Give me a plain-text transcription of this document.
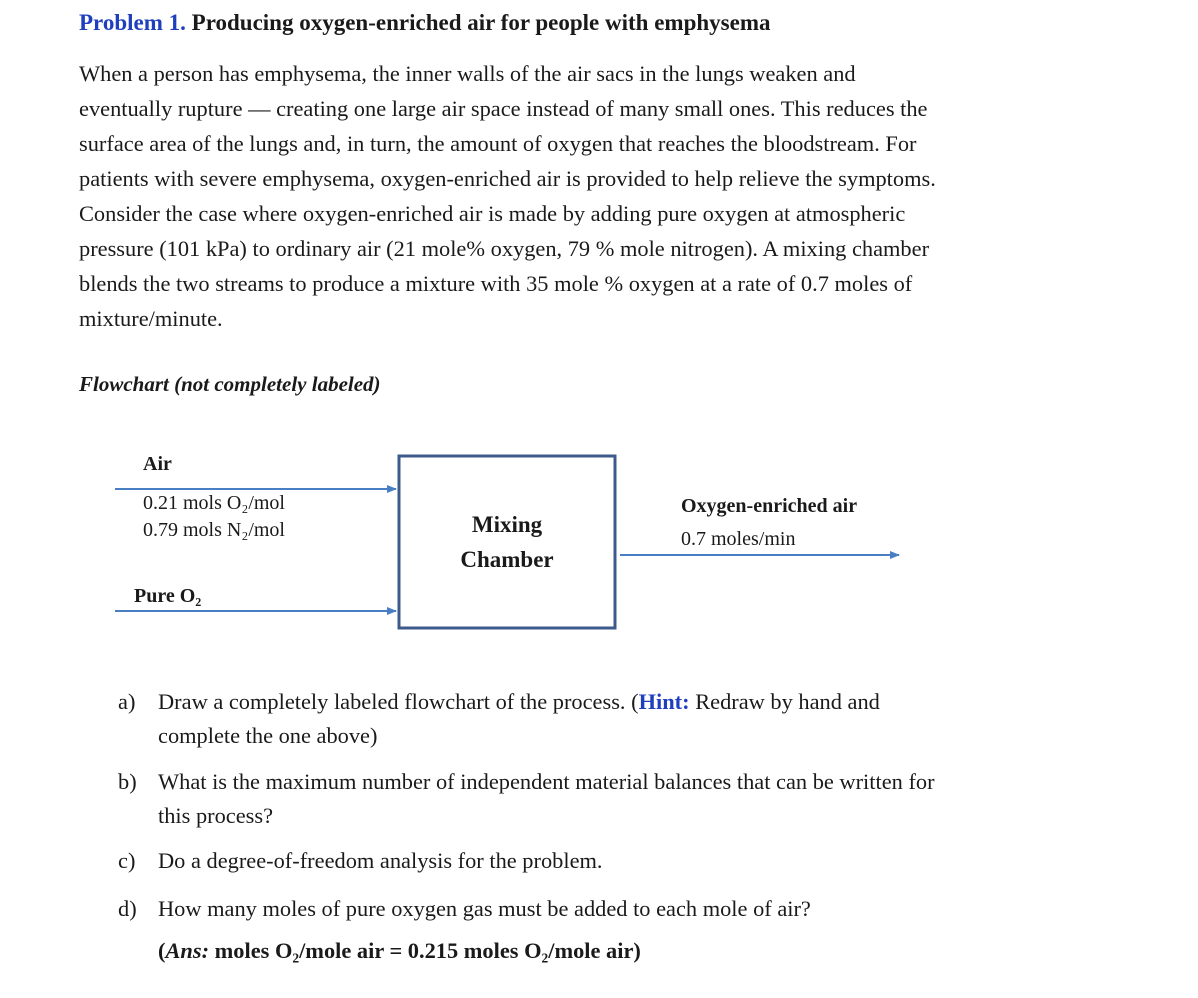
Problem 1. Producing oxygen-enriched air for people with emphysema
When a person has emphysema, the inner walls of the air sacs in the lungs weaken and
eventually rupture — creating one large air space instead of many small ones. This reduces the
surface area of the lungs and, in turn, the amount of oxygen that reaches the bloodstream. For
patients with severe emphysema, oxygen-enriched air is provided to help relieve the symptoms.
Consider the case where oxygen-enriched air is made by adding pure oxygen at atmospheric
pressure (101 kPa) to ordinary air (21 mole% oxygen, 79 % mole nitrogen). A mixing chamber
blends the two streams to produce a mixture with 35 mole % oxygen at a rate of 0.7 moles of
mixture/minute.
Flowchart (not completely labeled)
Air
0.21 mols O₂/mol
0.79 mols N₂/mol
Pure O₂
Mixing
Chamber
Oxygen-enriched air
0.7 moles/min
a) Draw a completely labeled flowchart of the process. (Hint: Redraw by hand and
complete the one above)
b) What is the maximum number of independent material balances that can be written for
this process?
c) Do a degree-of-freedom analysis for the problem.
d) How many moles of pure oxygen gas must be added to each mole of air?
(Ans: moles O₂/mole air = 0.215 moles O₂/mole air)
